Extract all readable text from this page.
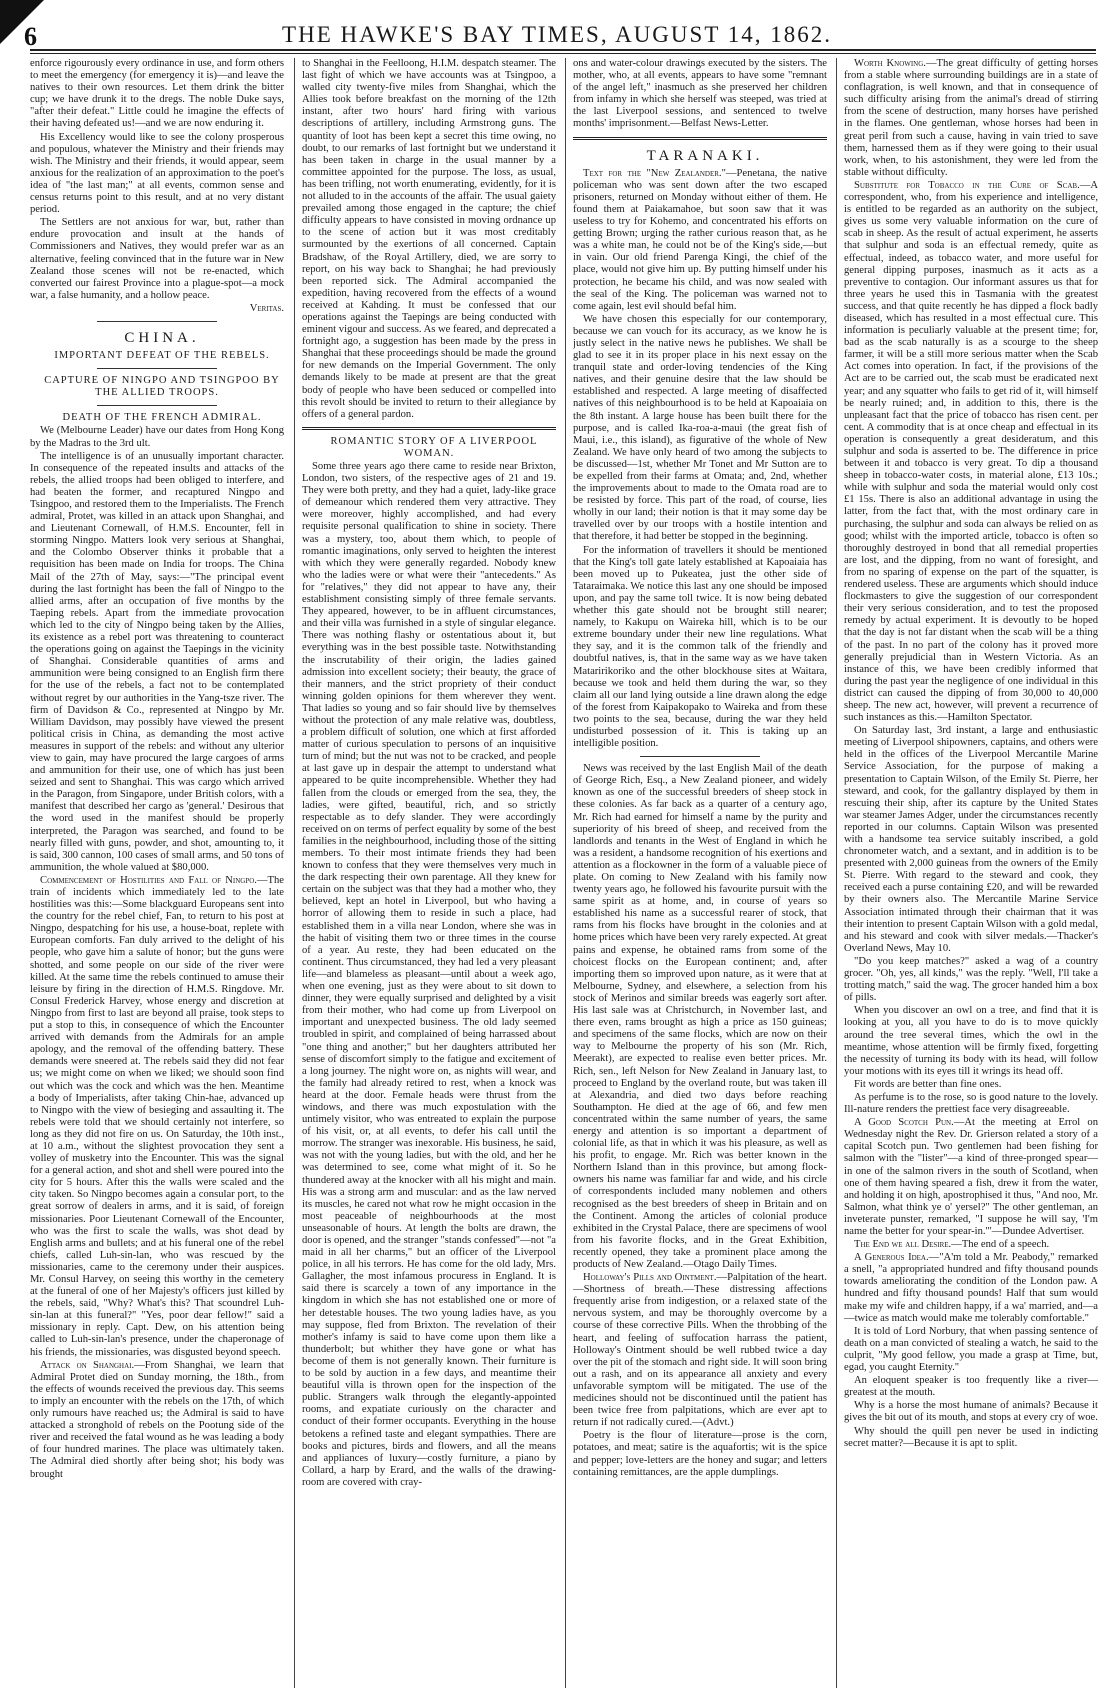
6	THE HAWKE'S BAY TIMES, AUGUST 14, 1862.

enforce rigourously every ordinance in use, and form others to meet the emergency (for emergency it is)—and leave the natives to their own resources. Let them drink the bitter cup; we have drunk it to the dregs. The noble Duke says, "after their defeat." Little could he imagine the effects of their having defeated us!—and we are now enduring it.

His Excellency would like to see the colony prosperous and populous, whatever the Ministry and their friends may wish. The Ministry and their friends, it would appear, seem anxious for the realization of an approximation to the poet's idea of "the last man;" at all events, common sense and census returns point to this result, and at no very distant period.

The Settlers are not anxious for war, but, rather than endure provocation and insult at the hands of Commissioners and Natives, they would prefer war as an alternative, feeling convinced that in the future war in New Zealand those scenes will not be re-enacted, which converted our fairest Province into a plague-spot—a mock war, a false humanity, and a hollow peace.

Veritas.

CHINA.

IMPORTANT DEFEAT OF THE REBELS.

CAPTURE OF NINGPO AND TSINGPOO BY THE ALLIED TROOPS.

DEATH OF THE FRENCH ADMIRAL.

We (Melbourne Leader) have our dates from Hong Kong by the Madras to the 3rd ult.

The intelligence is of an unusually important character. In consequence of the repeated insults and attacks of the rebels, the allied troops had been obliged to interfere, and had beaten the former, and recaptured Ningpo and Tsingpoo, and restored them to the Imperialists. The French admiral, Protet, was killed in an attack upon Shanghai, and and Lieutenant Cornewall, of H.M.S. Encounter, fell in storming Ningpo. Matters look very serious at Shanghai, and the Colombo Observer thinks it probable that a requisition has been made on India for troops. The China Mail of the 27th of May, says:—"The principal event during the last fortnight has been the fall of Ningpo to the allied arms, after an occupation of five months by the Taeping rebels. Apart from the immediate provocation which led to the city of Ningpo being taken by the Allies, its existence as a rebel port was threatening to counteract the operations going on against the Taepings in the vicinity of Shanghai. Considerable quantities of arms and ammunition were being consigned to an English firm there for the use of the rebels, a fact not to be contemplated without regret by our authorities in the Yang-tsze river. The firm of Davidson & Co., represented at Ningpo by Mr. William Davidson, may possibly have viewed the present political crisis in China, as demanding the most active measures in support of the rebels: and without any ulterior view to gain, may have procured the large cargoes of arms and ammunition for their use, one of which has just been seized and sent to Shanghai. This was cargo which arrived in the Paragon, from Singapore, under British colors, with a manifest that described her cargo as 'general.' Desirous that the word used in the manifest should be properly interpreted, the Paragon was searched, and found to be nearly filled with guns, powder, and shot, amounting to, it is said, 300 cannon, 100 cases of small arms, and 50 tons of ammunition, the whole valued at $80,000.

Commencement of Hostilities and Fall of Ningpo.—The train of incidents which immediately led to the late hostilities was this:—Some blackguard Europeans sent into the country for the rebel chief, Fan, to return to his post at Ningpo, despatching for his use, a house-boat, replete with European comforts. Fan duly arrived to the delight of his people, who gave him a salute of honor; but the guns were shotted, and some people on our side of the river were killed. At the same time the rebels continued to amuse their leisure by firing in the direction of H.M.S. Ringdove. Mr. Consul Frederick Harvey, whose energy and discretion at Ningpo from first to last are beyond all praise, took steps to put a stop to this, in consequence of which the Encounter arrived with demands from the Admirals for an ample apology, and the removal of the offending battery. These demands were sneered at. The rebels said they did not fear us; we might come on when we liked; we should soon find out which was the cock and which was the hen. Meantime a body of Imperialists, after taking Chin-hae, advanced up to Ningpo with the view of besieging and assaulting it. The rebels were told that we should certainly not interfere, so long as they did not fire on us. On Saturday, the 10th inst., at 10 a.m., without the slightest provocation they sent a volley of musketry into the Encounter. This was the signal for a general action, and shot and shell were poured into the city for 5 hours. After this the walls were scaled and the city taken. So Ningpo becomes again a consular port, to the great sorrow of dealers in arms, and it is said, of foreign missionaries. Poor Lieutenant Cornewall of the Encounter, who was the first to scale the walls, was shot dead by English arms and bullets; and at his funeral one of the rebel chiefs, called Luh-sin-lan, who was rescued by the missionaries, came to the ceremony under their auspices. Mr. Consul Harvey, on seeing this worthy in the cemetery at the funeral of one of her Majesty's officers just killed by the rebels, said, "Why? What's this? That scoundrel Luh-sin-lan at this funeral?" "Yes, poor dear fellow!" said a missionary in reply. Capt. Dew, on his attention being called to Luh-sin-lan's presence, under the chaperonage of his friends, the missionaries, was disgusted beyond speech.

Attack on Shanghai.—From Shanghai, we learn that Admiral Protet died on Sunday morning, the 18th., from the effects of wounds received the previous day. This seems to imply an encounter with the rebels on the 17th, of which only rumours have reached us; the Admiral is said to have attacked a stronghold of rebels on the Pootung side of the river and received the fatal wound as he was leading a body of four hundred marines. The place was ultimately taken. The Admiral died shortly after being shot; his body was brought

to Shanghai in the Feelloong, H.I.M. despatch steamer. The last fight of which we have accounts was at Tsingpoo, a walled city twenty-five miles from Shanghai, which the Allies took before breakfast on the morning of the 12th instant, after two hours' hard firing with various descriptions of artillery, including Armstrong guns. The quantity of loot has been kept a secret this time owing, no doubt, to our remarks of last fortnight but we understand it has been taken in charge in the usual manner by a committee appointed for the purpose. The loss, as usual, has been trifling, not worth enumerating, evidently, for it is not alluded to in the accounts of the affair. The usual gaiety prevailed among those engaged in the capture; the chief difficulty appears to have consisted in moving ordnance up to the scene of action but it was most creditably surmounted by the exertions of all concerned. Captain Bradshaw, of the Royal Artillery, died, we are sorry to report, on his way back to Shanghai; he had previously been reported sick. The Admiral accompanied the expedition, having recovered from the effects of a wound received at Kahding. It must be confessed that our operations against the Taepings are being conducted with eminent vigour and success. As we feared, and deprecated a fortnight ago, a suggestion has been made by the press in Shanghai that these proceedings should be made the ground for new demands on the Imperial Government. The only demands likely to be made at present are that the great body of people who have been seduced or compelled into this revolt should be invited to return to their allegiance by offers of a general pardon.

ROMANTIC STORY OF A LIVERPOOL WOMAN.

Some three years ago there came to reside near Brixton, London, two sisters, of the respective ages of 21 and 19. They were both pretty, and they had a quiet, lady-like grace of demeanour which rendered them very attractive. They were moreover, highly accomplished, and had every requisite personal qualification to shine in society. There was a mystery, too, about them which, to people of romantic imaginations, only served to heighten the interest with which they were generally regarded. Nobody knew who the ladies were or what were their "antecedents." As for "relatives," they did not appear to have any, their establishment consisting simply of three female servants. They appeared, however, to be in affluent circumstances, and their villa was furnished in a style of singular elegance. There was nothing flashy or ostentatious about it, but everything was in the best possible taste. Notwithstanding the inscrutability of their origin, the ladies gained admission into excellent society; their beauty, the grace of their manners, and the strict propriety of their conduct winning golden opinions for them wherever they went. That ladies so young and so fair should live by themselves without the protection of any male relative was, doubtless, a problem difficult of solution, one which at first afforded matter of curious speculation to persons of an inquisitive turn of mind; but the nut was not to be cracked, and people at last gave up in despair the attempt to understand what appeared to be quite incomprehensible. Whether they had fallen from the clouds or emerged from the sea, they, the ladies, were gifted, beautiful, rich, and so strictly respectable as to defy slander. They were accordingly received on on terms of perfect equality by some of the best families in the neighbourhood, including those of the sitting members. To their most intimate friends they had been known to confess that they were themselves very much in the dark respecting their own parentage. All they knew for certain on the subject was that they had a mother who, they believed, kept an hotel in Liverpool, but who having a horror of allowing them to reside in such a place, had established them in a villa near London, where she was in the habit of visiting them two or three times in the course of a year. Au reste, they had been educated on the continent. Thus circumstanced, they had led a very pleasant life—and blameless as pleasant—until about a week ago, when one evening, just as they were about to sit down to dinner, they were equally surprised and delighted by a visit from their mother, who had come up from Liverpool on important and unexpected business. The old lady seemed troubled in spirit, and complained of being harrassed about "one thing and another;" but her daughters attributed her sense of discomfort simply to the fatigue and excitement of a long journey. The night wore on, as nights will wear, and the family had already retired to rest, when a knock was heard at the door. Female heads were thrust from the windows, and there was much expostulation with the untimely visitor, who was entreated to explain the purpose of his visit, or, at all events, to defer his call until the morrow. The stranger was inexorable. His business, he said, was not with the young ladies, but with the old, and her he was determined to see, come what might of it. So he thundered away at the knocker with all his might and main. His was a strong arm and muscular: and as the law nerved its muscles, he cared not what row he might occasion in the most peaceable of neighbourhoods at the most unseasonable of hours. At length the bolts are drawn, the door is opened, and the stranger "stands confessed"—not "a maid in all her charms," but an officer of the Liverpool police, in all his terrors. He has come for the old lady, Mrs. Gallagher, the most infamous procuress in England. It is said there is scarcely a town of any importance in the kingdom in which she has not established one or more of her detestable houses. The two young ladies have, as you may suppose, fled from Brixton. The revelation of their mother's infamy is said to have come upon them like a thunderbolt; but whither they have gone or what has become of them is not generally known. Their furniture is to be sold by auction in a few days, and meantime their beautiful villa is thrown open for the inspection of the public. Strangers walk through the elegantly-appointed rooms, and expatiate curiously on the character and conduct of their former occupants. Everything in the house betokens a refined taste and elegant sympathies. There are books and pictures, birds and flowers, and all the means and appliances of luxury—costly furniture, a piano by Collard, a harp by Erard, and the walls of the drawing-room are covered with cray-

ons and water-colour drawings executed by the sisters. The mother, who, at all events, appears to have some "remnant of the angel left," inasmuch as she preserved her children from infamy in which she herself was steeped, was tried at the last Liverpool sessions, and sentenced to twelve months' imprisonment.—Belfast News-Letter.

TARANAKI.

Text for the "New Zealander."—Penetana, the native policeman who was sent down after the two escaped prisoners, returned on Monday without either of them. He found them at Paiakamahoe, but soon saw that it was useless to try for Kohemo, and concentrated his efforts on getting Brown; urging the rather curious reason that, as he was a white man, he could not be of the King's side,—but in vain. Our old friend Parenga Kingi, the chief of the place, would not give him up. By putting himself under his protection, he became his child, and was now sealed with the seal of the King. The policeman was warned not to come again, lest evil should befal him.

We have chosen this especially for our contemporary, because we can vouch for its accuracy, as we know he is justly select in the native news he publishes. We shall be glad to see it in its proper place in his next essay on the tranquil state and order-loving tendencies of the King natives, and their genuine desire that the law should be established and respected. A large meeting of disaffected natives of this neighbourhood is to be held at Kapoaiaia on the 8th instant. A large house has been built there for the purpose, and is called Ika-roa-a-maui (the great fish of Maui, i.e., this island), as figurative of the whole of New Zealand. We have only heard of two among the subjects to be discussed—1st, whether Mr Tonet and Mr Sutton are to be expelled from their farms at Omata; and, 2nd, whether the improvements about to made to the Omata road are to be resisted by force. This part of the road, of course, lies wholly in our land; their notion is that it may some day be travelled over by our troops with a hostile intention and that therefore, it had better be stopped in the beginning.

For the information of travellers it should be mentioned that the King's toll gate lately established at Kapoaiaia has been moved up to Pukeatea, just the other side of Tataraimaka. We notice this last any one should be imposed upon, and pay the same toll twice. It is now being debated whether this gate should not be brought still nearer; namely, to Kakupu on Waireka hill, which is to be our extreme boundary under their new line regulations. What they say, and it is the common talk of the friendly and doubtful natives, is, that in the same way as we have taken Mataririkoriko and the other blockhouse sites at Waitara, because we took and held them during the war, so they claim all our land lying outside a line drawn along the edge of the forest from Kaipakopako to Waireka and from these two points to the sea, because, during the war they held undisturbed possession of it. This is taking up an intelligible position.

News was received by the last English Mail of the death of George Rich, Esq., a New Zealand pioneer, and widely known as one of the successful breeders of sheep stock in these colonies. As far back as a quarter of a century ago, Mr. Rich had earned for himself a name by the purity and superiority of his breed of sheep, and received from the landlords and tenants in the West of England in which he was a resident, a handsome recognition of his exertions and attention as a flockowner in the form of a valuable piece of plate. On coming to New Zealand with his family now twenty years ago, he followed his favourite pursuit with the same spirit as at home, and, in course of years so established his name as a successful rearer of stock, that rams from his flocks have brought in the colonies and at home prices which have been very rarely expected. At great pains and expense, he obtained rams from some of the choicest flocks on the European continent; and, after importing them so improved upon nature, as it were that at Melbourne, Sydney, and elsewhere, a selection from his stock of Merinos and similar breeds was eagerly sort after. His last sale was at Christchurch, in November last, and there even, rams brought as high a price as 150 guineas; and specimens of the same flocks, which are now on their way to Melbourne the property of his son (Mr. Rich, Meerakt), are expected to realise even better prices. Mr. Rich, sen., left Nelson for New Zealand in January last, to proceed to England by the overland route, but was taken ill at Alexandria, and died two days before reaching Southampton. He died at the age of 66, and few men concentrated within the same number of years, the same energy and attention is so important a department of colonial life, as that in which it was his pleasure, as well as his profit, to engage. Mr. Rich was better known in the Northern Island than in this province, but among flock-owners his name was familiar far and wide, and his circle of correspondents included many noblemen and others recognised as the best breeders of sheep in Britain and on the Continent. Among the articles of colonial produce exhibited in the Crystal Palace, there are specimens of wool from his favorite flocks, and in the Great Exhibition, recently opened, they take a prominent place among the products of New Zealand.—Otago Daily Times.

Holloway's Pills and Ointment.—Palpitation of the heart.—Shortness of breath.—These distressing affections frequently arise from indigestion, or a relaxed state of the nervous system, and may be thoroughly overcome by a course of these corrective Pills. When the throbbing of the heart, and feeling of suffocation harrass the patient, Holloway's Ointment should be well rubbed twice a day over the pit of the stomach and right side. It will soon bring out a rash, and on its appearance all anxiety and every unfavorable symptom will be mitigated. The use of the medicines should not be discontinued until the patient has been twice free from palpitations, which are ever apt to return if not radically cured.—(Advt.)

Poetry is the flour of literature—prose is the corn, potatoes, and meat; satire is the aquafortis; wit is the spice and pepper; love-letters are the honey and sugar; and letters containing remittances, are the apple dumplings.

Worth Knowing.—The great difficulty of getting horses from a stable where surrounding buildings are in a state of conflagration, is well known, and that in consequence of such difficulty arising from the animal's dread of stirring from the scene of destruction, many horses have perished in the flames. One gentleman, whose horses had been in great peril from such a cause, having in vain tried to save them, harnessed them as if they were going to their usual work, when, to his astonishment, they were led from the stable without difficulty.

Substitute for Tobacco in the Cure of Scab.—A correspondent, who, from his experience and intelligence, is entitled to be regarded as an authority on the subject, gives us some very valuable information on the cure of scab in sheep. As the result of actual experiment, he asserts that sulphur and soda is an effectual remedy, quite as effectual, indeed, as tobacco water, and more useful for general dipping purposes, inasmuch as it acts as a preventive to contagion. Our informant assures us that for three years he used this in Tasmania with the greatest success, and that quite recently he has dipped a flock badly diseased, which has resulted in a most effectual cure. This information is peculiarly valuable at the present time; for, bad as the scab naturally is as a scourge to the sheep farmer, it will be a still more serious matter when the Scab Act comes into operation. In fact, if the provisions of the Act are to be carried out, the scab must be eradicated next year; and any squatter who fails to get rid of it, will himself be nearly ruined; and, in addition to this, there is the unpleasant fact that the price of tobacco has risen cent. per cent. A commodity that is at once cheap and effectual in its operation is consequently a great desideratum, and this sulphur and soda is asserted to be. The difference in price between it and tobacco is very great. To dip a thousand sheep in tobacco-water costs, in material alone, £13 10s.; while with sulphur and soda the material would only cost £1 15s. There is also an additional advantage in using the latter, from the fact that, with the most ordinary care in purchasing, the sulphur and soda can always be relied on as good; whilst with the imported article, tobacco is often so thoroughly destroyed in bond that all remedial properties are lost, and the dipping, from no want of foresight, and from no sparing of expense on the part of the squatter, is rendered useless. These are arguments which should induce flockmasters to give the suggestion of our correspondent their very serious consideration, and to test the proposed remedy by actual experiment. It is devoutly to be hoped that the day is not far distant when the scab will be a thing of the past. In no part of the colony has it proved more generally prejudicial than in Western Victoria. As an instance of this, we have been credibly informed that during the past year the negligence of one individual in this district can caused the dipping of from 30,000 to 40,000 sheep. The new act, however, will prevent a recurrence of such instances as this.—Hamilton Spectator.

On Saturday last, 3rd instant, a large and enthusiastic meeting of Liverpool shipowners, captains, and others were held in the offices of the Liverpool Mercantile Marine Service Association, for the purpose of making a presentation to Captain Wilson, of the Emily St. Pierre, her steward, and cook, for the gallantry displayed by them in rescuing their ship, after its capture by the United States war steamer James Adger, under the circumstances recently reported in our columns. Captain Wilson was presented with a handsome tea service suitably inscribed, a gold chronometer watch, and a sextant, and in addition is to be presented with 2,000 guineas from the owners of the Emily St. Pierre. With regard to the steward and cook, they received each a purse containing £20, and will be rewarded by their owners also. The Mercantile Marine Service Association intimated through their chairman that it was their intention to present Captain Wilson with a gold medal, and his steward and cook with silver medals.—Thacker's Overland News, May 10.

"Do you keep matches?" asked a wag of a country grocer. "Oh, yes, all kinds," was the reply. "Well, I'll take a trotting match," said the wag. The grocer handed him a box of pills.

When you discover an owl on a tree, and find that it is looking at you, all you have to do is to move quickly around the tree several times, which the owl in the meantime, whose attention will be firmly fixed, forgetting the necessity of turning its body with its head, will follow your motions with its eyes till it wrings its head off.

Fit words are better than fine ones.

As perfume is to the rose, so is good nature to the lovely. Ill-nature renders the prettiest face very disagreeable.

A Good Scotch Pun.—At the meeting at Errol on Wednesday night the Rev. Dr. Grierson related a story of a capital Scotch pun. Two gentlemen had been fishing for salmon with the "lister"—a kind of three-pronged spear—in one of the salmon rivers in the south of Scotland, when one of them having speared a fish, drew it from the water, and holding it on high, apostrophised it thus, "And noo, Mr. Salmon, what think ye o' yersel?" The other gentleman, an inveterate punster, remarked, "I suppose he will say, 'I'm name the better for your spear-in.'"—Dundee Advertiser.

The End we all Desire.—The end of a speech.

A Generous Idea.—"A'm told a Mr. Peabody," remarked a snell, "a appropriated hundred and fifty thousand pounds towards ameliorating the condition of the London paw. A hundred and fifty thousand pounds! Half that sum would make my wife and children happy, if a wa' married, and—a—twice as match would make me tolerably comfortable."

It is told of Lord Norbury, that when passing sentence of death on a man convicted of stealing a watch, he said to the culprit, "My good fellow, you made a grasp at Time, but, egad, you caught Eternity."

An eloquent speaker is too frequently like a river—greatest at the mouth.

Why is a horse the most humane of animals? Because it gives the bit out of its mouth, and stops at every cry of woe.

Why should the quill pen never be used in indicting secret matter?—Because it is apt to split.
